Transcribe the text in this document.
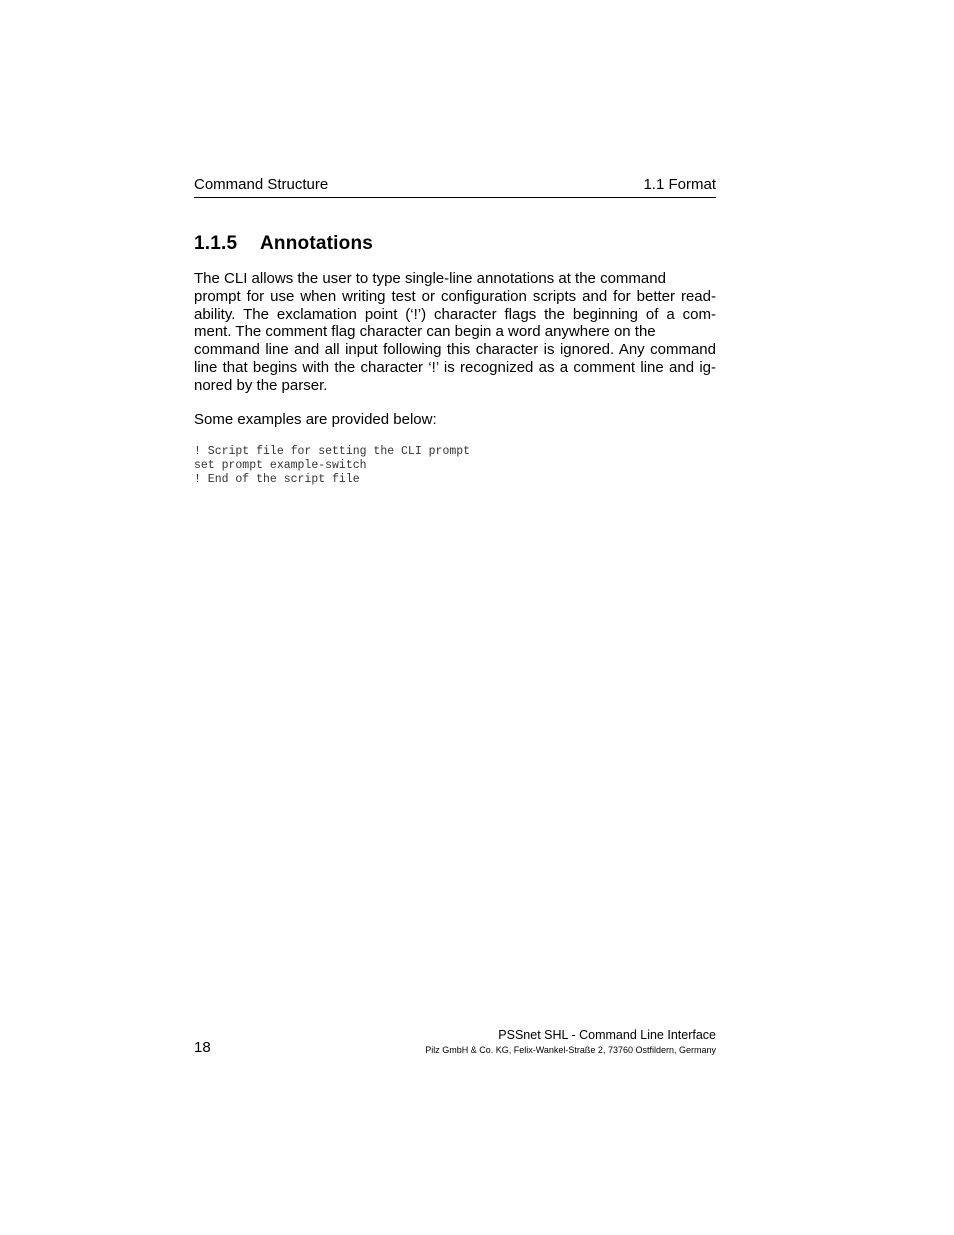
Command Structure	1.1 Format
1.1.5 Annotations
The CLI allows the user to type single-line annotations at the command
prompt for use when writing test or configuration scripts and for better read-
ability. The exclamation point (‘!’) character flags the beginning of a com-
ment. The comment flag character can begin a word anywhere on the
command line and all input following this character is ignored. Any command
line that begins with the character ‘!’ is recognized as a comment line and ig-
nored by the parser.

Some examples are provided below:

! Script file for setting the CLI prompt
set prompt example-switch
! End of the script file
18
PSSnet SHL - Command Line Interface
Pilz GmbH & Co. KG, Felix-Wankel-Straße 2, 73760 Ostfildern, Germany
